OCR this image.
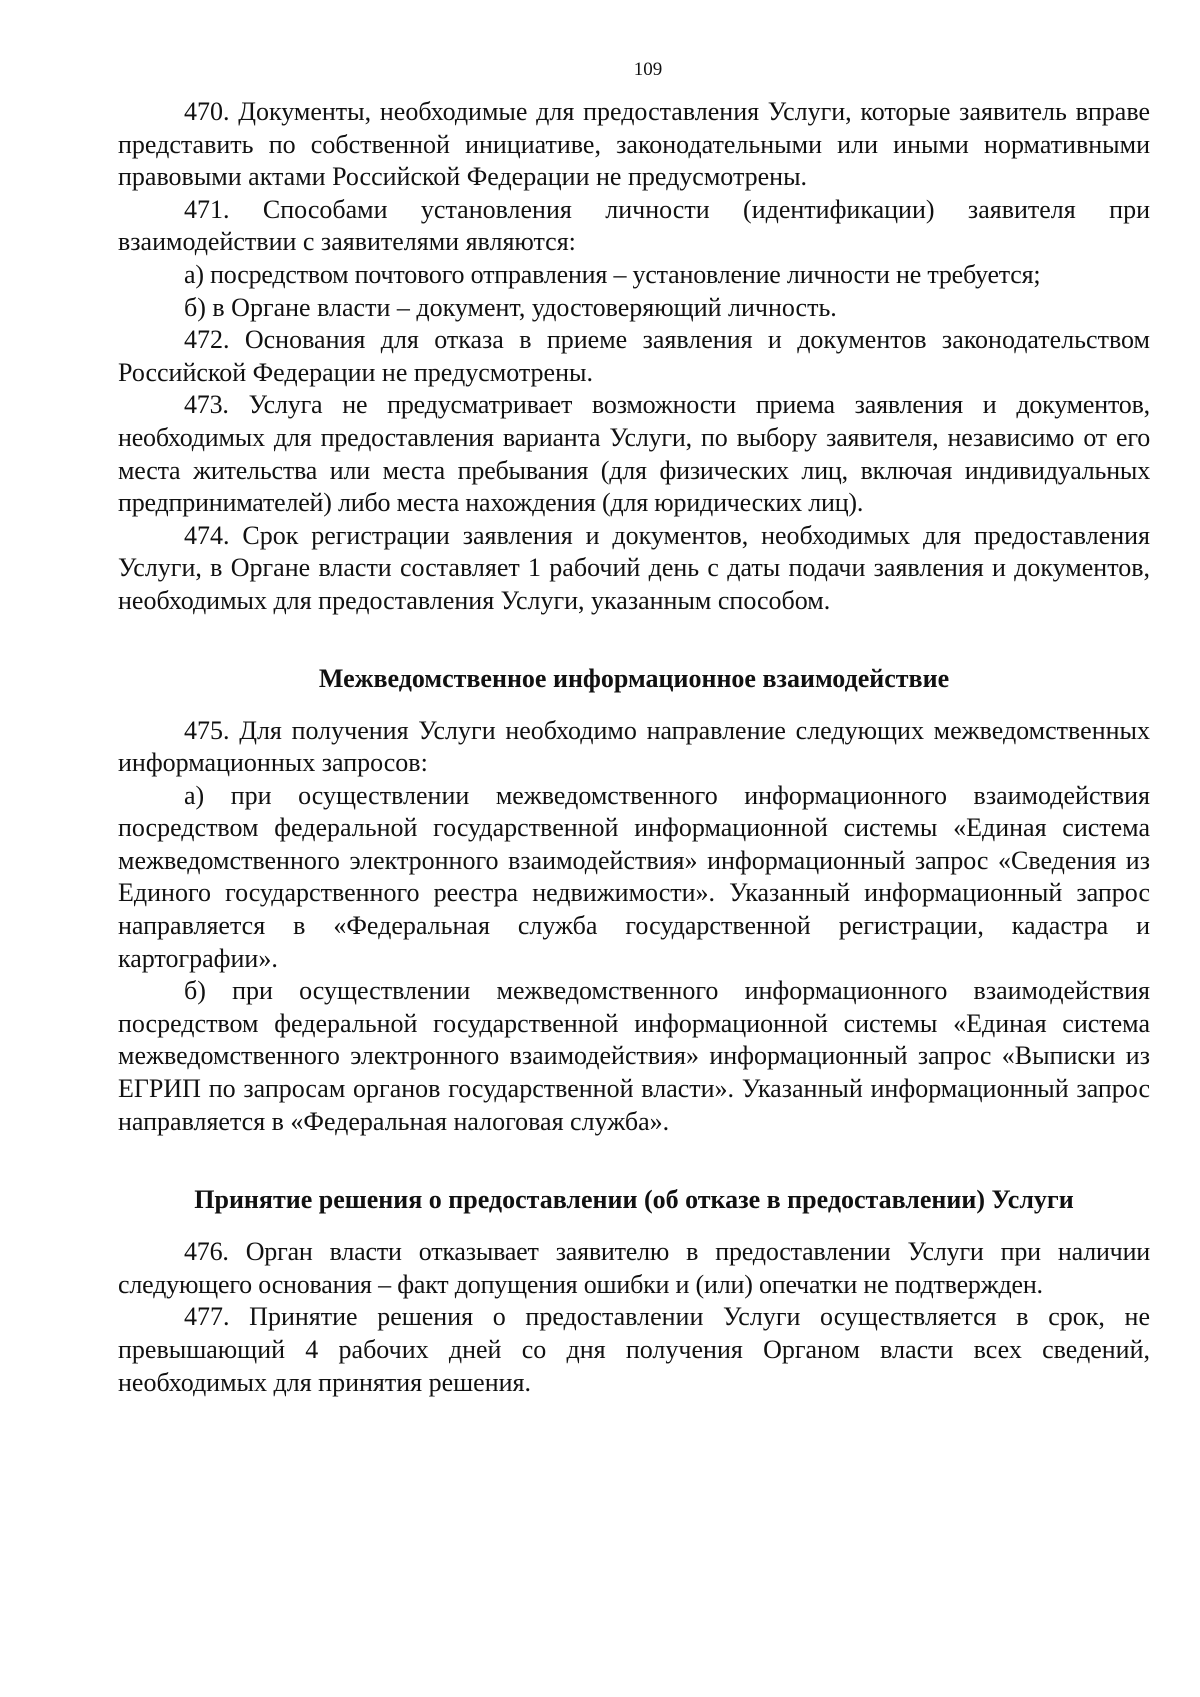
109

470. Документы, необходимые для предоставления Услуги, которые заявитель вправе представить по собственной инициативе, законодательными или иными нормативными правовыми актами Российской Федерации не предусмотрены.

471. Способами установления личности (идентификации) заявителя при взаимодействии с заявителями являются:

а) посредством почтового отправления – установление личности не требуется;

б) в Органе власти – документ, удостоверяющий личность.

472. Основания для отказа в приеме заявления и документов законодательством Российской Федерации не предусмотрены.

473. Услуга не предусматривает возможности приема заявления и документов, необходимых для предоставления варианта Услуги, по выбору заявителя, независимо от его места жительства или места пребывания (для физических лиц, включая индивидуальных предпринимателей) либо места нахождения (для юридических лиц).

474. Срок регистрации заявления и документов, необходимых для предоставления Услуги, в Органе власти составляет 1 рабочий день с даты подачи заявления и документов, необходимых для предоставления Услуги, указанным способом.

Межведомственное информационное взаимодействие

475. Для получения Услуги необходимо направление следующих межведомственных информационных запросов:

а) при осуществлении межведомственного информационного взаимодействия посредством федеральной государственной информационной системы «Единая система межведомственного электронного взаимодействия» информационный запрос «Сведения из Единого государственного реестра недвижимости». Указанный информационный запрос направляется в «Федеральная служба государственной регистрации, кадастра и картографии».

б) при осуществлении межведомственного информационного взаимодействия посредством федеральной государственной информационной системы «Единая система межведомственного электронного взаимодействия» информационный запрос «Выписки из ЕГРИП по запросам органов государственной власти». Указанный информационный запрос направляется в «Федеральная налоговая служба».

Принятие решения о предоставлении (об отказе в предоставлении) Услуги

476. Орган власти отказывает заявителю в предоставлении Услуги при наличии следующего основания – факт допущения ошибки и (или) опечатки не подтвержден.

477. Принятие решения о предоставлении Услуги осуществляется в срок, не превышающий 4 рабочих дней со дня получения Органом власти всех сведений, необходимых для принятия решения.
